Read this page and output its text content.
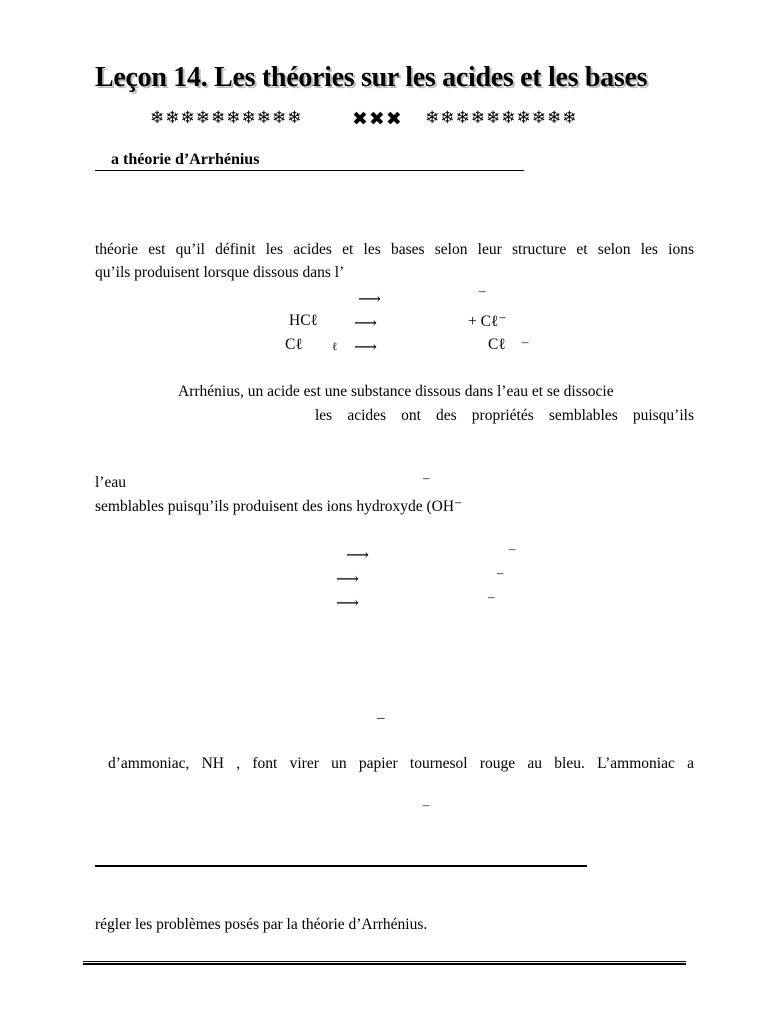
Leçon 14. Les théories sur les acides et les bases
❄❄❄❄❄❄❄❄❄❄	✖✖✖ ❄❄❄❄❄❄❄❄❄❄
a théorie d’Arrhénius
théorie est qu’il définit les acides et les bases selon leur structure et selon les ions
qu’ils produisent lorsque dissous dans l’
⟶
–
HCℓ ⟶	+ Cℓ⁻
Cℓ	ℓ ⟶	Cℓ –
Arrhénius, un acide est une substance dissous dans l’eau et se dissocie
les acides ont des propriétés semblables puisqu’ils
–
l’eau
semblables puisqu’ils produisent des ions hydroxyde (OH⁻
⟶	–
⟶	–
⟶	–
–
d’ammoniac, NH , font virer un papier tournesol rouge au bleu. L’ammoniac a
–
régler les problèmes posés par la théorie d’Arrhénius.
